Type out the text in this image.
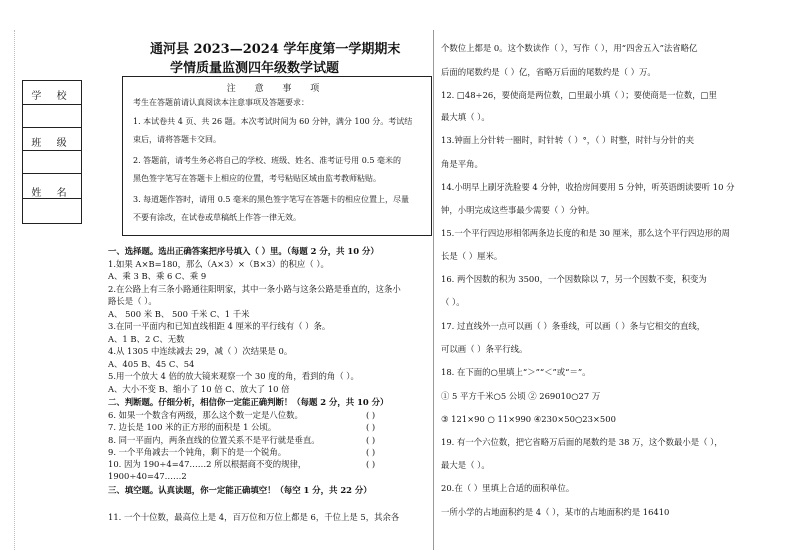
学 校
班 级
姓 名
通河县 2023—2024 学年度第一学期期末
学情质量监测四年级数学试题
注 意 事 项
考生在答题前请认真阅读本注意事项及答题要求：
1. 本试卷共 4 页、共 26 题。本次考试时间为 60 分钟，满分 100 分。考试结
束后，请将答题卡交回。
2. 答题前，请考生务必将自己的学校、班级、姓名、准考证号用 0.5 毫米的
黑色签字笔写在答题卡上相应的位置，考号粘贴区域由监考教师粘贴。
3. 每道题作答时，请用 0.5 毫米的黑色签字笔写在答题卡的相应位置上，尽量
不要有涂改，在试卷或草稿纸上作答一律无效。
一、选择题。选出正确答案把序号填入（ ）里。（每题 2 分，共 10 分）
1.如果 A×B=180，那么（A×3）×（B×3）的积应（ ）。
A、乘 3 B、乘 6 C、乘 9
2.在公路上有三条小路通往阳明家，其中一条小路与这条公路是垂直的，这条小
路长是（ ）。
A、 500 米 B、 500 千米 C、1 千米
3.在同一平面内和已知直线相距 4 厘米的平行线有（ ）条。
A、1 B、2 C、无数
4.从 1305 中连续减去 29，减（ ）次结果是 0。
A、405 B、45 C、54
5.用一个放大 4 倍的放大镜来观察一个 30 度的角，看到的角（ ）。
A、大小不变 B、缩小了 10 倍 C、放大了 10 倍
二、判断题。仔细分析，相信你一定能正确判断！（每题 2 分，共 10 分）
6. 如果一个数含有两级，那么这个数一定是八位数。	( )
7. 边长是 100 米的正方形的面积是 1 公顷。	( )
8. 同一平面内，两条直线的位置关系不是平行就是垂直。	( )
9. 一个平角减去一个钝角，剩下的是一个锐角。	( )
10. 因为 190÷4=47……2 所以根据商不变的规律，	( )
1900÷40=47……2
三、填空题。认真读题，你一定能正确填空！（每空 1 分，共 22 分）
11. 一个十位数，最高位上是 4，百万位和万位上都是 6，千位上是 5，其余各
个数位上都是 0。这个数读作（ ），写作（ ），用“四舍五入”法省略亿
后面的尾数约是（ ）亿，省略万后面的尾数约是（ ）万。
12. □48÷26，要使商是两位数，□里最小填（ ）；要使商是一位数，□里
最大填（ ）。
13.钟面上分针转一圈时，时针转（ ）°，（ ）时整，时针与分针的夹
角是平角。
14.小明早上刷牙洗脸要 4 分钟，收拾房间要用 5 分钟，听英语朗读要听 10 分
钟，小明完成这些事最少需要（ ）分钟。
15.一个平行四边形相邻两条边长度的和是 30 厘米，那么这个平行四边形的周
长是（ ）厘米。
16. 两个因数的积为 3500，一个因数除以 7，另一个因数不变，积变为
（ ）。
17. 过直线外一点可以画（ ）条垂线，可以画（ ）条与它相交的直线，
可以画（ ）条平行线。
18. 在下面的○里填上“＞”“＜”或“＝”。
① 5 平方千米○5 公顷 ② 269010○27 万
③ 121×90 ○ 11×990 ④230×50○23×500
19. 有一个六位数，把它省略万后面的尾数约是 38 万，这个数最小是（ ），
最大是（ ）。
20.在（ ）里填上合适的面积单位。
一所小学的占地面积约是 4（ ），某市的占地面积约是 16410
